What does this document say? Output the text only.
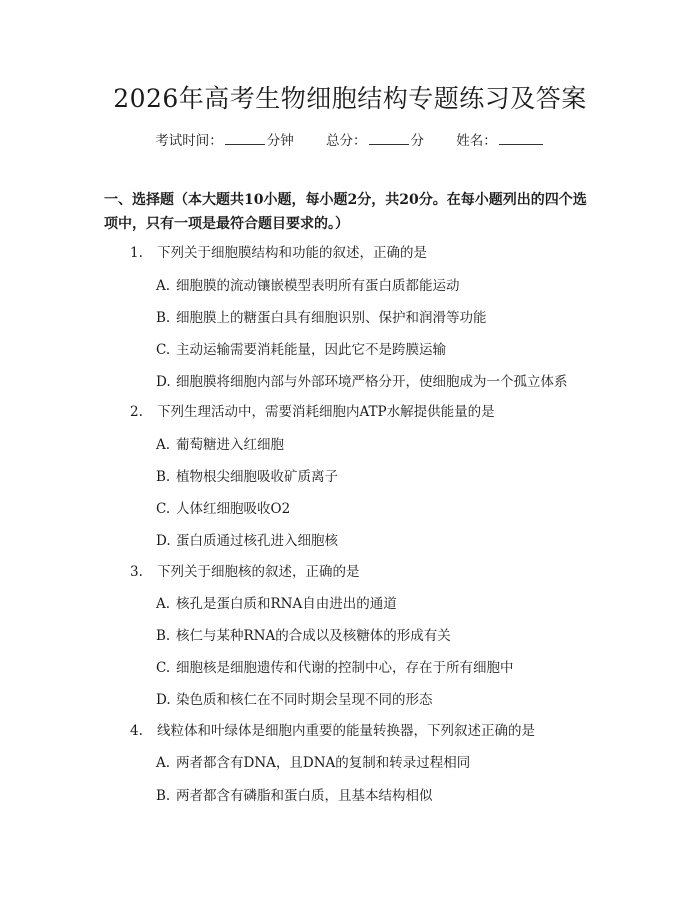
2026年高考生物细胞结构专题练习及答案
考试时间：	分钟 总分：	分 姓名：
一、选择题（本大题共10小题，每小题2分，共20分。在每小题列出的四个选项中，只有一项是最符合题目要求的。）
1. 下列关于细胞膜结构和功能的叙述，正确的是
A. 细胞膜的流动镶嵌模型表明所有蛋白质都能运动
B. 细胞膜上的糖蛋白具有细胞识别、保护和润滑等功能
C. 主动运输需要消耗能量，因此它不是跨膜运输
D. 细胞膜将细胞内部与外部环境严格分开，使细胞成为一个孤立体系
2. 下列生理活动中，需要消耗细胞内ATP水解提供能量的是
A. 葡萄糖进入红细胞
B. 植物根尖细胞吸收矿质离子
C. 人体红细胞吸收O2
D. 蛋白质通过核孔进入细胞核
3. 下列关于细胞核的叙述，正确的是
A. 核孔是蛋白质和RNA自由进出的通道
B. 核仁与某种RNA的合成以及核糖体的形成有关
C. 细胞核是细胞遗传和代谢的控制中心，存在于所有细胞中
D. 染色质和核仁在不同时期会呈现不同的形态
4. 线粒体和叶绿体是细胞内重要的能量转换器，下列叙述正确的是
A. 两者都含有DNA，且DNA的复制和转录过程相同
B. 两者都含有磷脂和蛋白质，且基本结构相似
